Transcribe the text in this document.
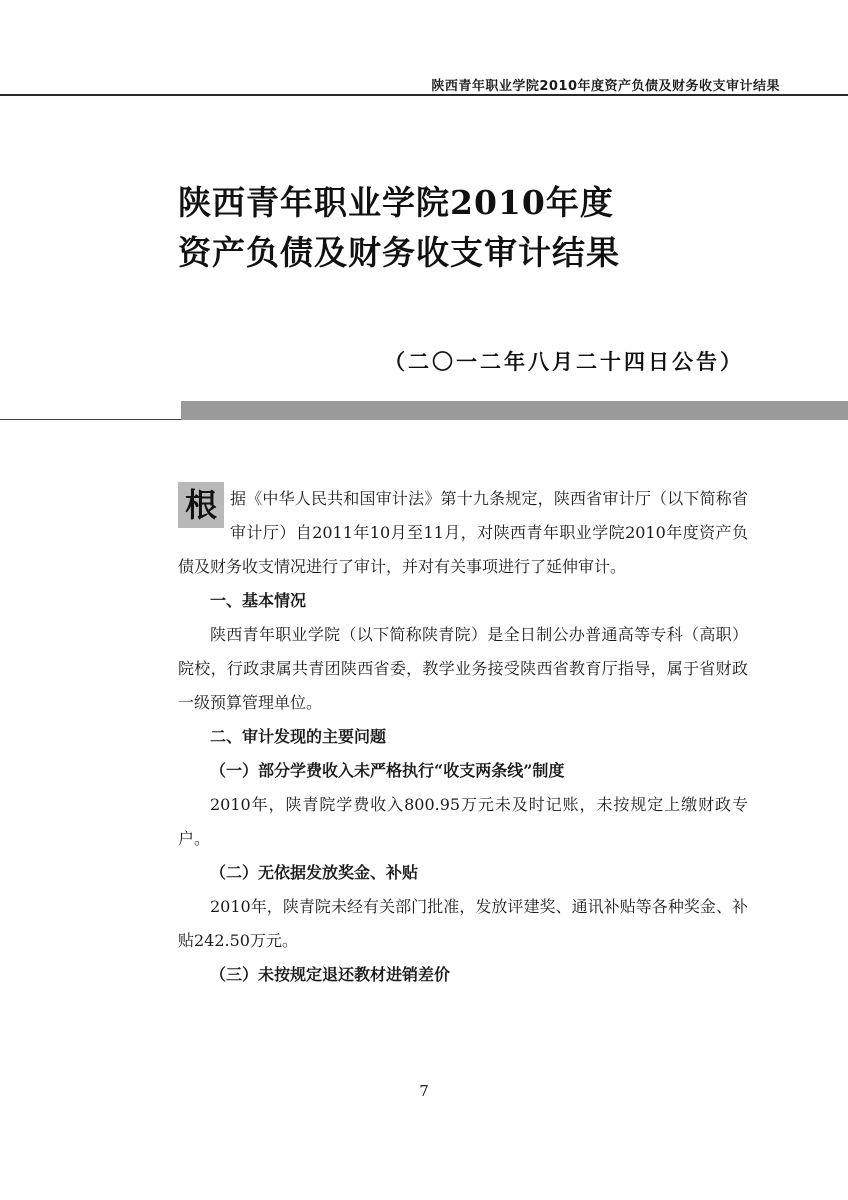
陕西青年职业学院2010年度资产负债及财务收支审计结果
陕西青年职业学院2010年度
资产负债及财务收支审计结果
（二〇一二年八月二十四日公告）

根 据《中华人民共和国审计法》第十九条规定，陕西省审计厅（以下简称省审计厅）自2011年10月至11月，对陕西青年职业学院2010年度资产负债及财务收支情况进行了审计，并对有关事项进行了延伸审计。

一、基本情况

陕西青年职业学院（以下简称陕青院）是全日制公办普通高等专科（高职）院校，行政隶属共青团陕西省委，教学业务接受陕西省教育厅指导，属于省财政一级预算管理单位。

二、审计发现的主要问题

（一）部分学费收入未严格执行“收支两条线”制度

2010年，陕青院学费收入800.95万元未及时记账，未按规定上缴财政专户。

（二）无依据发放奖金、补贴

2010年，陕青院未经有关部门批准，发放评建奖、通讯补贴等各种奖金、补贴242.50万元。

（三）未按规定退还教材进销差价

7
